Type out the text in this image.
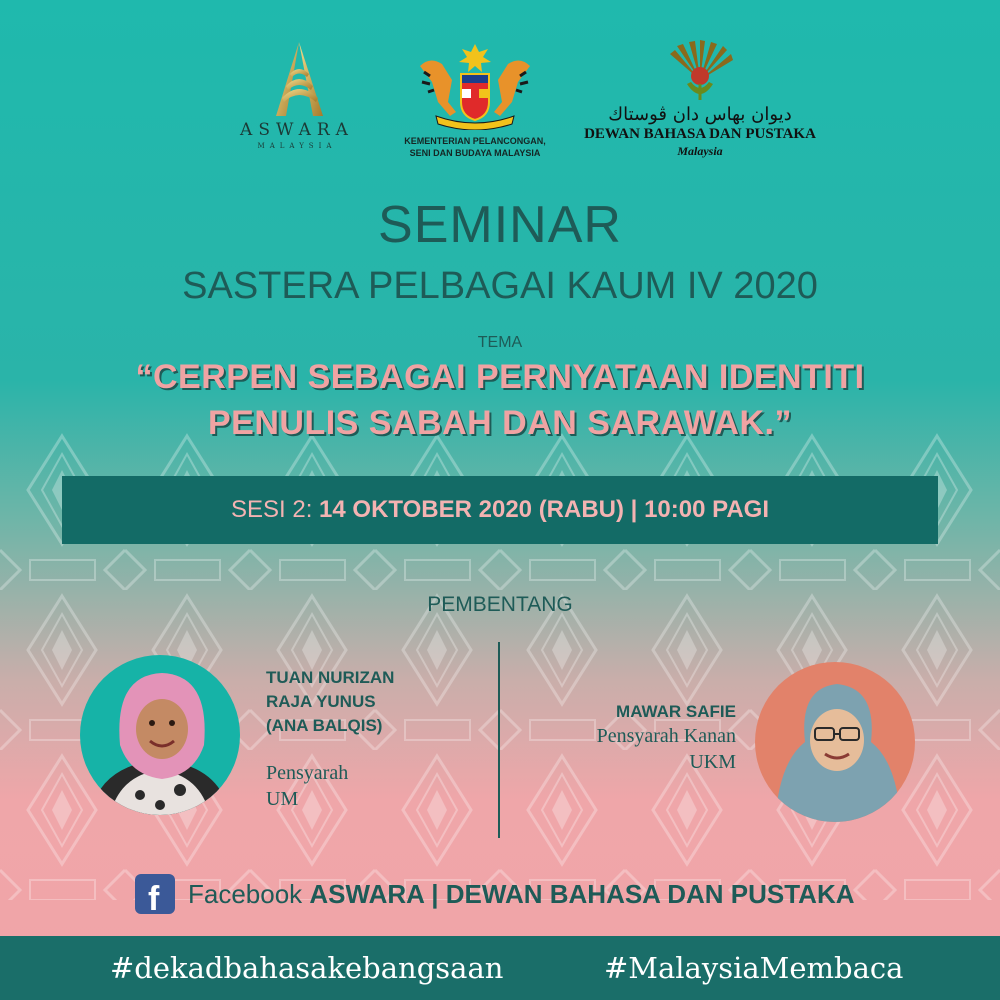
ASWARA
MALAYSIA	KEMENTERIAN PELANCONGAN,
SENI DAN BUDAYA MALAYSIA
ديوان بهاس دان ڤوستاك
DEWAN BAHASA DAN PUSTAKA
Malaysia
SEMINAR
SASTERA PELBAGAI KAUM IV 2020
TEMA
“CERPEN SEBAGAI PERNYATAAN IDENTITI
PENULIS SABAH DAN SARAWAK.”
SESI 2: 14 OKTOBER 2020 (RABU) | 10:00 PAGI
PEMBENTANG
TUAN NURIZAN
RAJA YUNUS
(ANA BALQIS)
Pensyarah
UM
MAWAR SAFIE
Pensyarah Kanan
UKM
f Facebook ASWARA | DEWAN BAHASA DAN PUSTAKA
#dekadbahasakebangsaan	#MalaysiaMembaca
